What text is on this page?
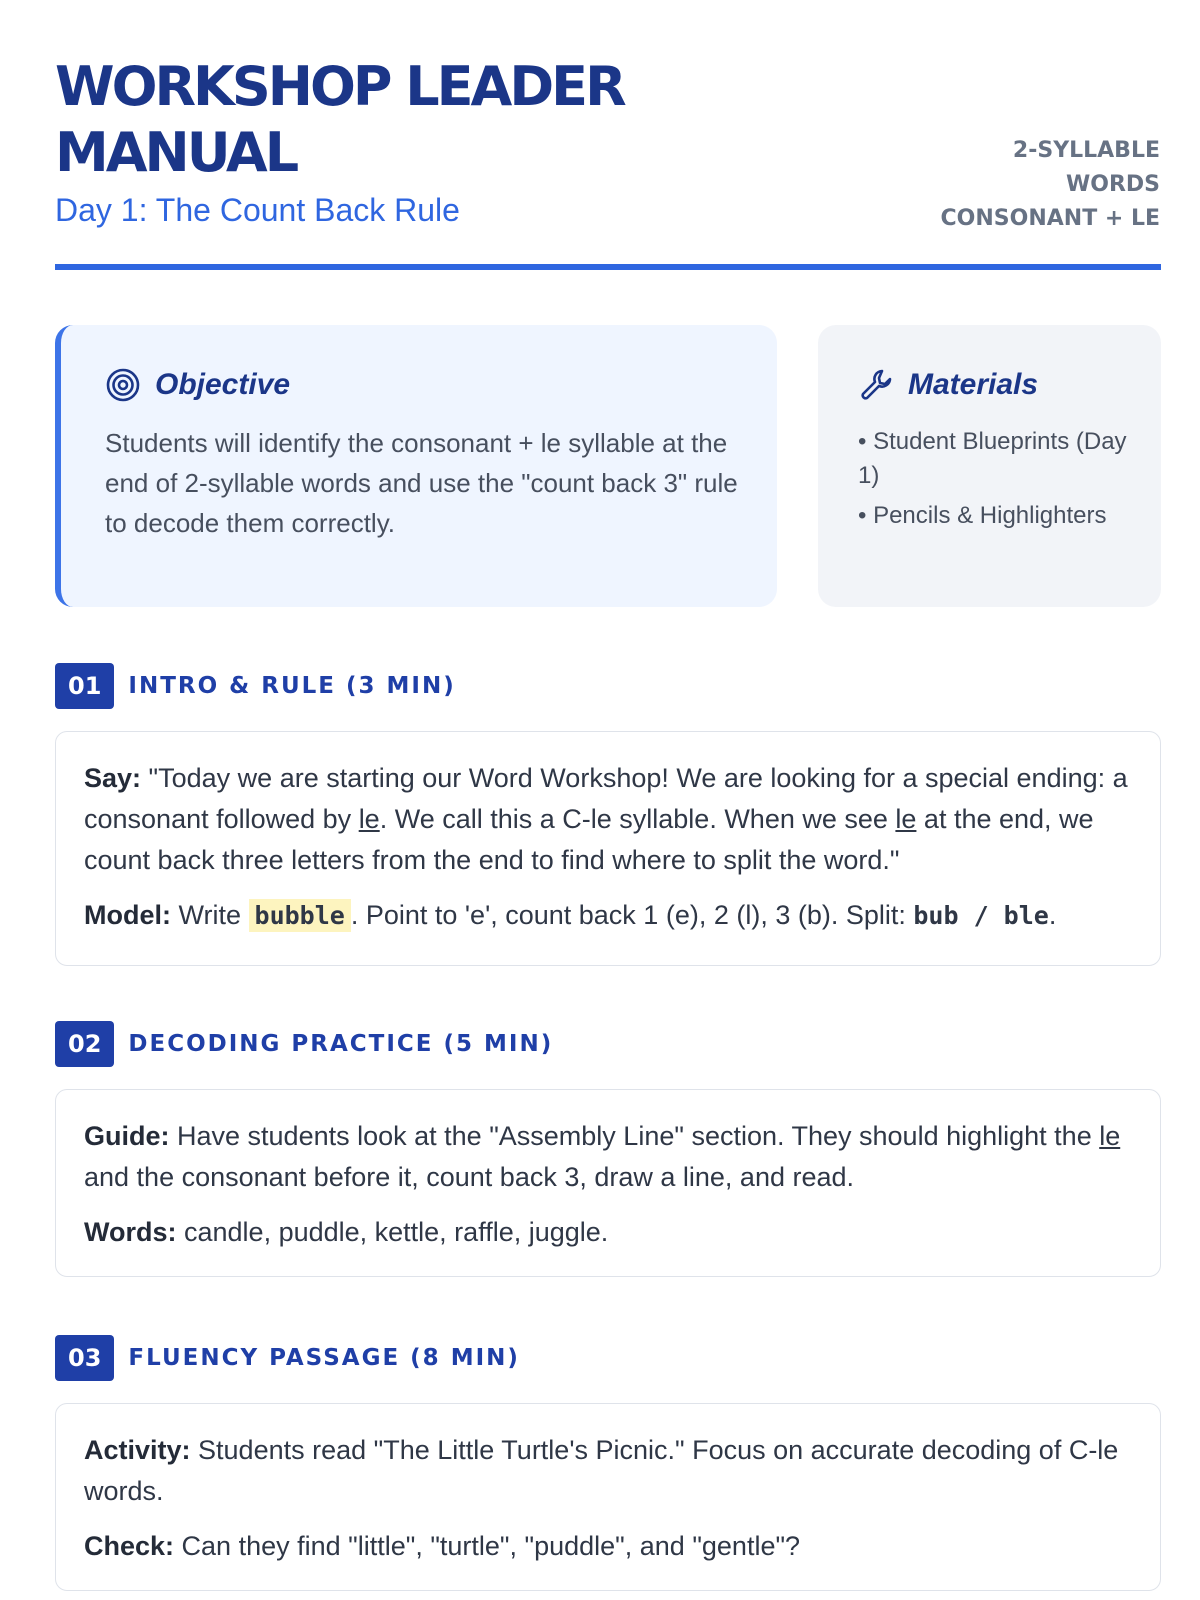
WORKSHOP LEADER
MANUAL
Day 1: The Count Back Rule
2-SYLLABLE
WORDS
CONSONANT + LE
Objective
Students will identify the consonant + le syllable at the end of 2-syllable words and use the "count back 3" rule to decode them correctly.
Materials
• Student Blueprints (Day 1)
• Pencils & Highlighters
01	INTRO & RULE (3 MIN)

Say: "Today we are starting our Word Workshop! We are looking for a special ending: a consonant followed by le. We call this a C-le syllable. When we see le at the end, we count back three letters from the end to find where to split the word."

Model: Write bubble . Point to 'e', count back 1 (e), 2 (l), 3 (b). Split: bub / ble.

02	DECODING PRACTICE (5 MIN)

Guide: Have students look at the "Assembly Line" section. They should highlight the le and the consonant before it, count back 3, draw a line, and read.

Words: candle, puddle, kettle, raffle, juggle.

03	FLUENCY PASSAGE (8 MIN)

Activity: Students read "The Little Turtle's Picnic." Focus on accurate decoding of C-le words.

Check: Can they find "little", "turtle", "puddle", and "gentle"?
